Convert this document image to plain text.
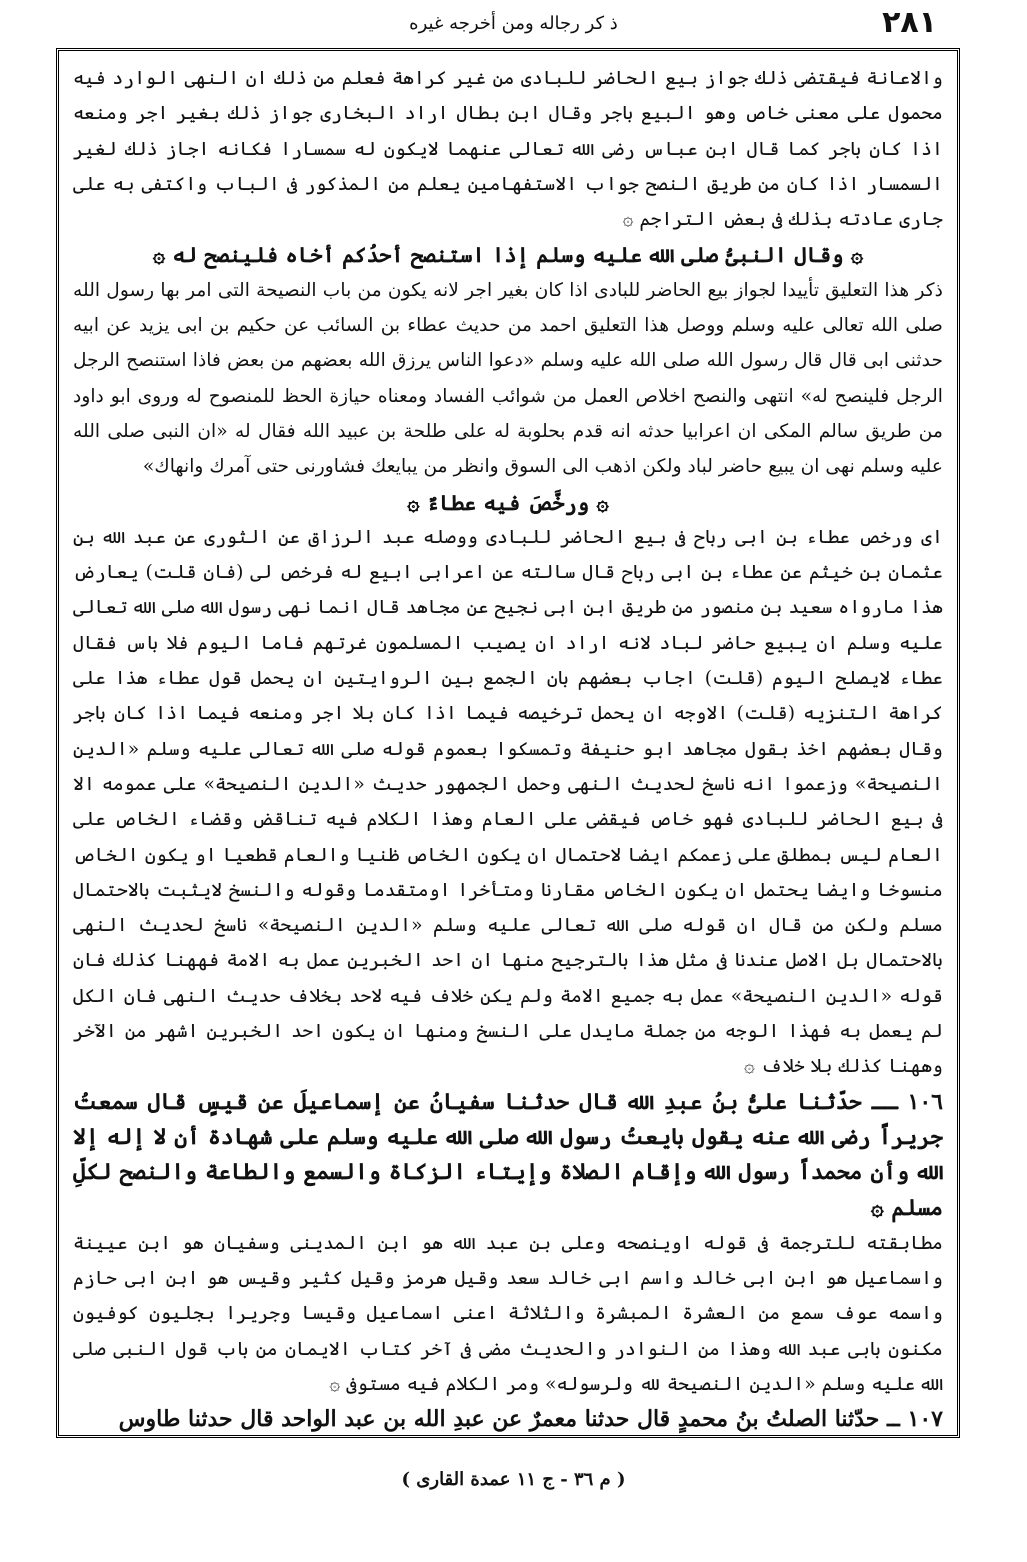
٢٨١
ذ كر رجاله ومن أخرجه غيره

والاعانة فيقتضى ذلك جواز بيع الحاضر للبادى من غير كراهة فعلم من ذلك ان النهى الوارد فيه محمول على معنى خاص وهو البيع باجر وقال ابن بطال اراد البخارى جواز ذلك بغير اجر ومنعه اذا كان باجر كما قال ابن عباس رضى الله تعالى عنهما لايكون له سمسارا فكانه اجاز ذلك لغير السمسار اذا كان من طريق النصح جواب الاستفهامين يعلم من المذكور فى الباب واكتفى به على جارى عادته بذلك فى بعض التراجم ۞

۞ وقال النبىُّ صلى الله عليه وسلم إذا استنصح أحدُكم أخاه فلينصح له ۞

ذكر هذا التعليق تأييدا لجواز بيع الحاضر للبادى اذا كان بغير اجر لانه يكون من باب النصيحة التى امر بها رسول الله صلى الله تعالى عليه وسلم ووصل هذا التعليق احمد من حديث عطاء بن السائب عن حكيم بن ابى يزيد عن ابيه حدثنى ابى قال قال رسول الله صلى الله عليه وسلم «دعوا الناس يرزق الله بعضهم من بعض فاذا استنصح الرجل الرجل فلينصح له» انتهى والنصح اخلاص العمل من شوائب الفساد ومعناه حيازة الحظ للمنصوح له وروى ابو داود من طريق سالم المكى ان اعرابيا حدثه انه قدم بحلوبة له على طلحة بن عبيد الله فقال له «ان النبى صلى الله عليه وسلم نهى ان يبيع حاضر لباد ولكن اذهب الى السوق وانظر من يبايعك فشاورنى حتى آمرك وانهاك»

۞ ورخَّصَ فيه عطاءٌ ۞

اى ورخص عطاء بن ابى رباح فى بيع الحاضر للبادى ووصله عبد الرزاق عن الثورى عن عبد الله بن عثمان بن خيثم عن عطاء بن ابى رباح قال سالته عن اعرابى ابيع له فرخص لى (فان قلت) يعارض هذا مارواه سعيد بن منصور من طريق ابن ابى نجيح عن مجاهد قال انما نهى رسول الله صلى الله تعالى عليه وسلم ان يبيع حاضر لباد لانه اراد ان يصيب المسلمون غرتهم فاما اليوم فلا باس فقال عطاء لايصلح اليوم (قلت) اجاب بعضهم بان الجمع بين الروايتين ان يحمل قول عطاء هذا على كراهة التنزيه (قلت) الاوجه ان يحمل ترخيصه فيما اذا كان بلا اجر ومنعه فيما اذا كان باجر وقال بعضهم اخذ بقول مجاهد ابو حنيفة وتمسكوا بعموم قوله صلى الله تعالى عليه وسلم «الدين النصيحة» وزعموا انه ناسخ لحديث النهى وحمل الجمهور حديث «الدين النصيحة» على عمومه الا فى بيع الحاضر للبادى فهو خاص فيقضى على العام وهذا الكلام فيه تناقض وقضاء الخاص على العام ليس بمطلق على زعمكم ايضا لاحتمال ان يكون الخاص ظنيا والعام قطعيا او يكون الخاص منسوخا وايضا يحتمل ان يكون الخاص مقارنا ومتأخرا اومتقدما وقوله والنسخ لايثبت بالاحتمال مسلم ولكن من قال ان قوله صلى الله تعالى عليه وسلم «الدين النصيحة» ناسخ لحديث النهى بالاحتمال بل الاصل عندنا فى مثل هذا بالترجيح منها ان احد الخبرين عمل به الامة فههنا كذلك فان قوله «الدين النصيحة» عمل به جميع الامة ولم يكن خلاف فيه لاحد بخلاف حديث النهى فان الكل لم يعمل به فهذا الوجه من جملة مايدل على النسخ ومنها ان يكون احد الخبرين اشهر من الآخر وههنا كذلك بلا خلاف ۞

١٠٦ ــ حدّثنا علىُّ بنُ عبدِ الله قال حدثنا سفيانُ عن إسماعيلَ عن قيسٍ قال سمعتُ جريراً رضى الله عنه يقول بايعتُ رسول الله صلى الله عليه وسلم على شهادة أن لا إله إلا الله وأن محمداً رسول الله وإقام الصلاة وإيتاء الزكاة والسمع والطاعة والنصح لكلِّ مسلم ۞

مطابقته للترجمة فى قوله اوينصحه وعلى بن عبد الله هو ابن المدينى وسفيان هو ابن عيينة واسماعيل هو ابن ابى خالد واسم ابى خالد سعد وقيل هرمز وقيل كثير وقيس هو ابن ابى حازم واسمه عوف سمع من العشرة المبشرة والثلاثة اعنى اسماعيل وقيسا وجريرا بجليون كوفيون مكنون بابى عبد الله وهذا من النوادر والحديث مضى فى آخر كتاب الايمان من باب قول النبى صلى الله عليه وسلم «الدين النصيحة لله ولرسوله» ومر الكلام فيه مستوفى ۞

١٠٧ ــ حدّثنا الصلتُ بنُ محمدٍ قال حدثنا معمرٌ عن عبدِ الله بن عبد الواحد قال حدثنا طاوس

( م ٣٦ - ج ١١ عمدة القارى )
